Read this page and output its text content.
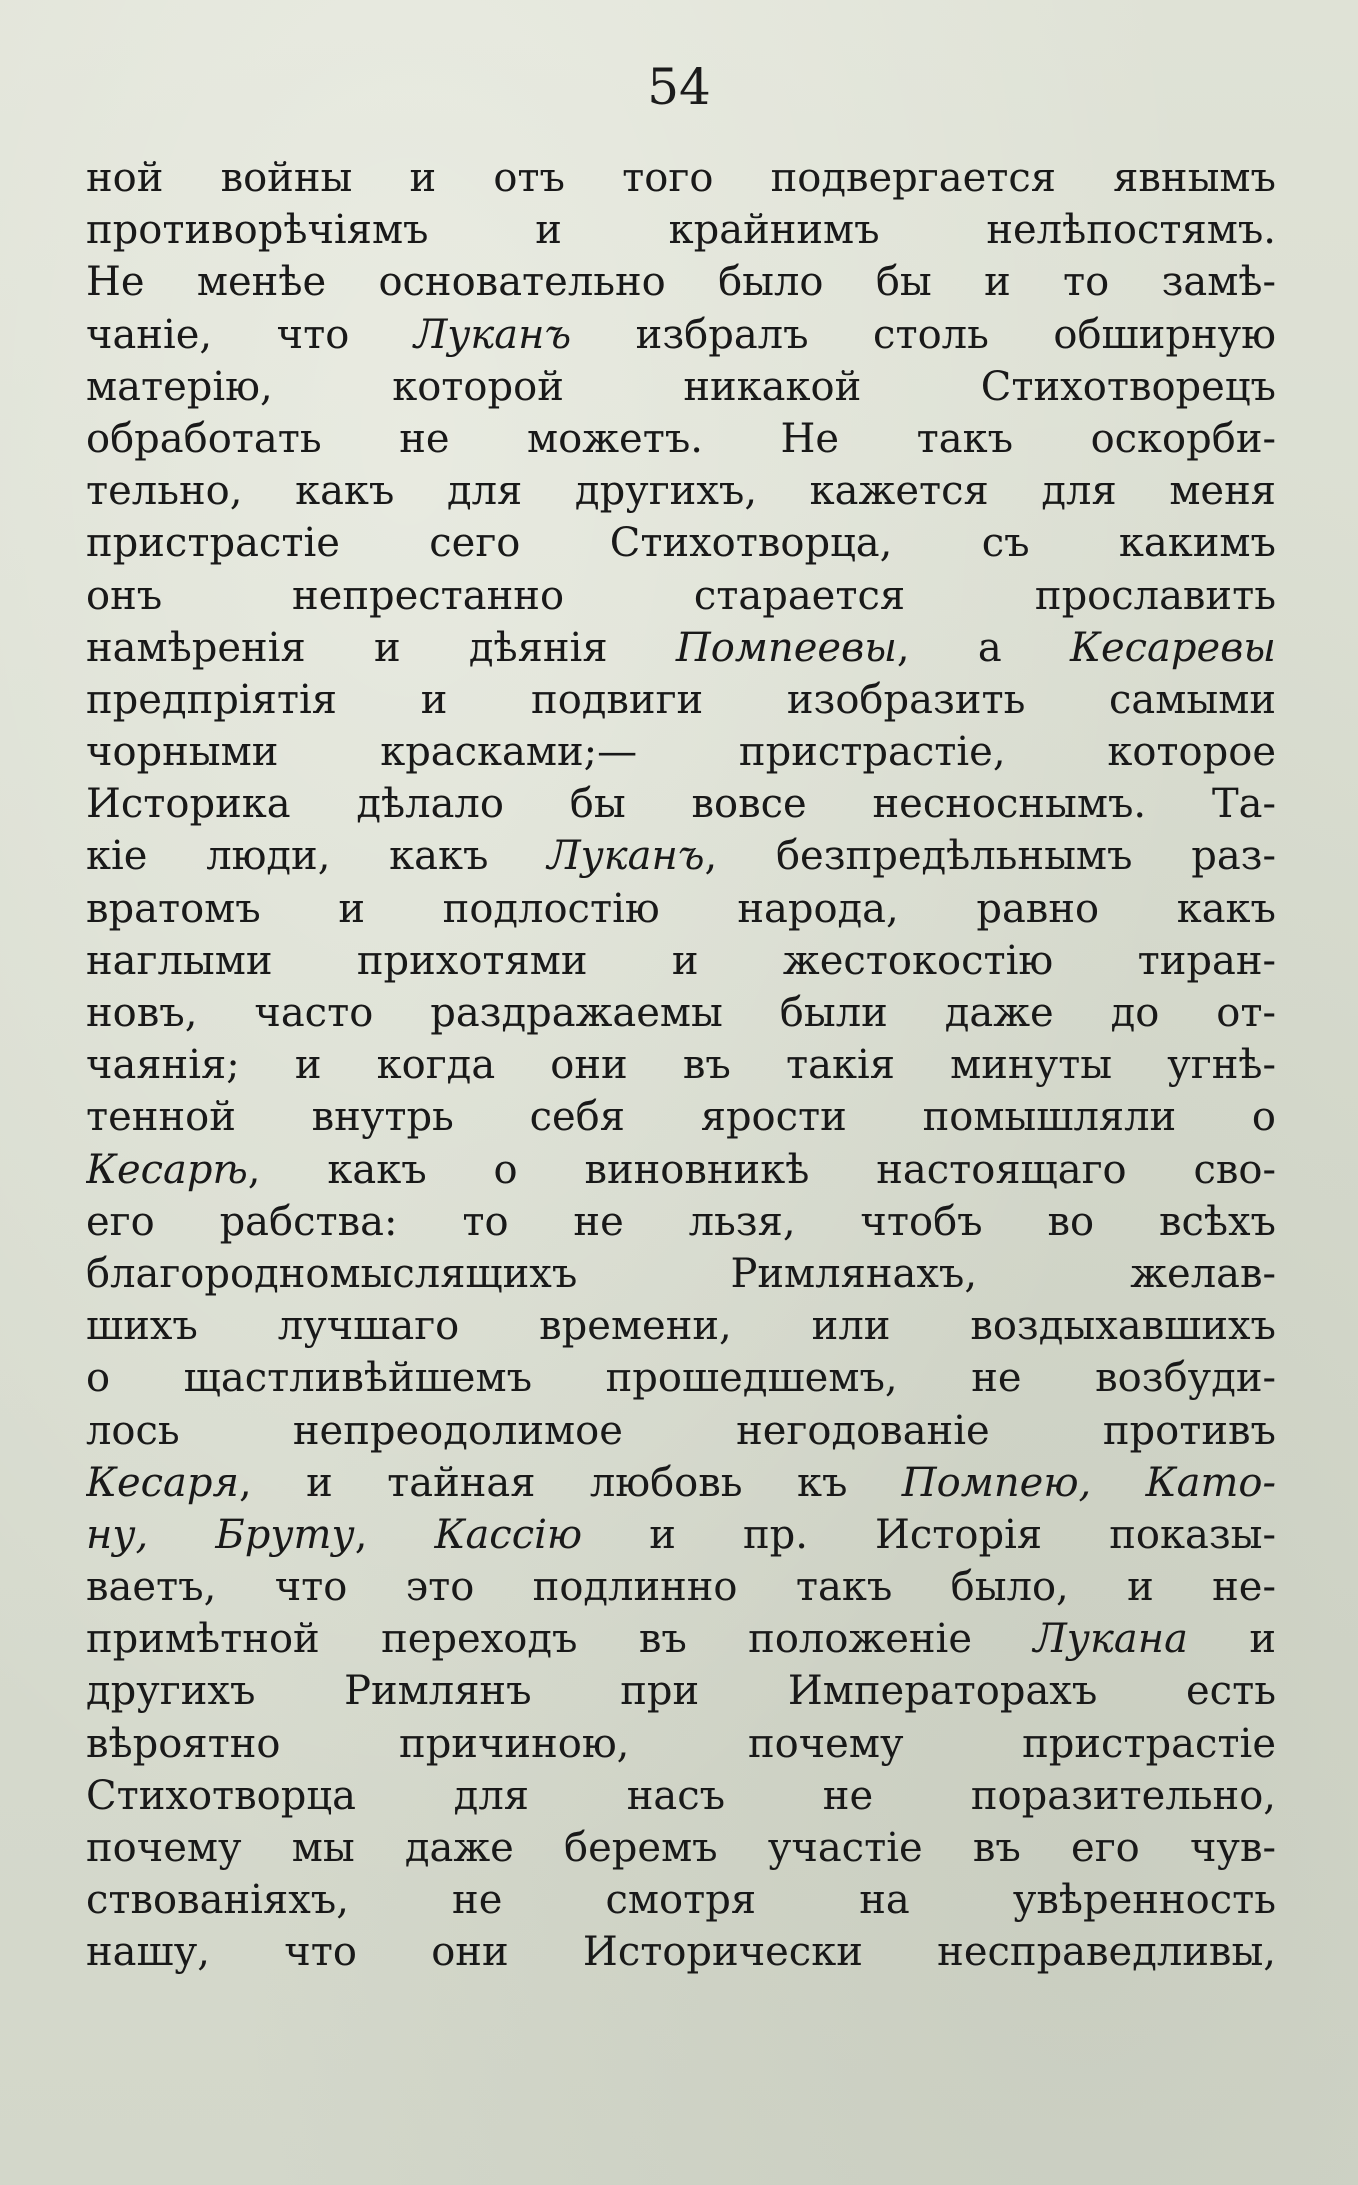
54
ной войны и отъ того подвергается явнымъ
противорѣчіямъ и крайнимъ нелѣпостямъ.
Не менѣе основательно было бы и то замѣ-
чаніе, что Луканъ избралъ столь обширную
матерію, которой никакой Стихотворецъ
обработать не можетъ. Не такъ оскорби-
тельно, какъ для другихъ, кажется для меня
пристрастіе сего Стихотворца, съ какимъ
онъ непрестанно старается прославить
намѣренія и дѣянія Помпеевы, а Кесаревы
предпріятія и подвиги изобразить самыми
чорными красками;— пристрастіе, которое
Историка дѣлало бы вовсе несноснымъ. Та-
кіе люди, какъ Луканъ, безпредѣльнымъ раз-
вратомъ и подлостію народа, равно какъ
наглыми прихотями и жестокостію тиран-
новъ, часто раздражаемы были даже до от-
чаянія; и когда они въ такія минуты угнѣ-
тенной внутрь себя ярости помышляли о
Кесарѣ, какъ о виновникѣ настоящаго сво-
его рабства: то не льзя, чтобъ во всѣхъ
благородномыслящихъ Римлянахъ, желав-
шихъ лучшаго времени, или воздыхавшихъ
о щастливѣйшемъ прошедшемъ, не возбуди-
лось непреодолимое негодованіе противъ
Кесаря, и тайная любовь къ Помпею, Като-
ну, Бруту, Кассію и пр. Исторія показы-
ваетъ, что это подлинно такъ было, и не-
примѣтной переходъ въ положеніе Лукана и
другихъ Римлянъ при Императорахъ есть
вѣроятно причиною, почему пристрастіе
Стихотворца для насъ не поразительно,
почему мы даже беремъ участіе въ его чув-
ствованіяхъ, не смотря на увѣренность
нашу, что они Исторически несправедливы,
